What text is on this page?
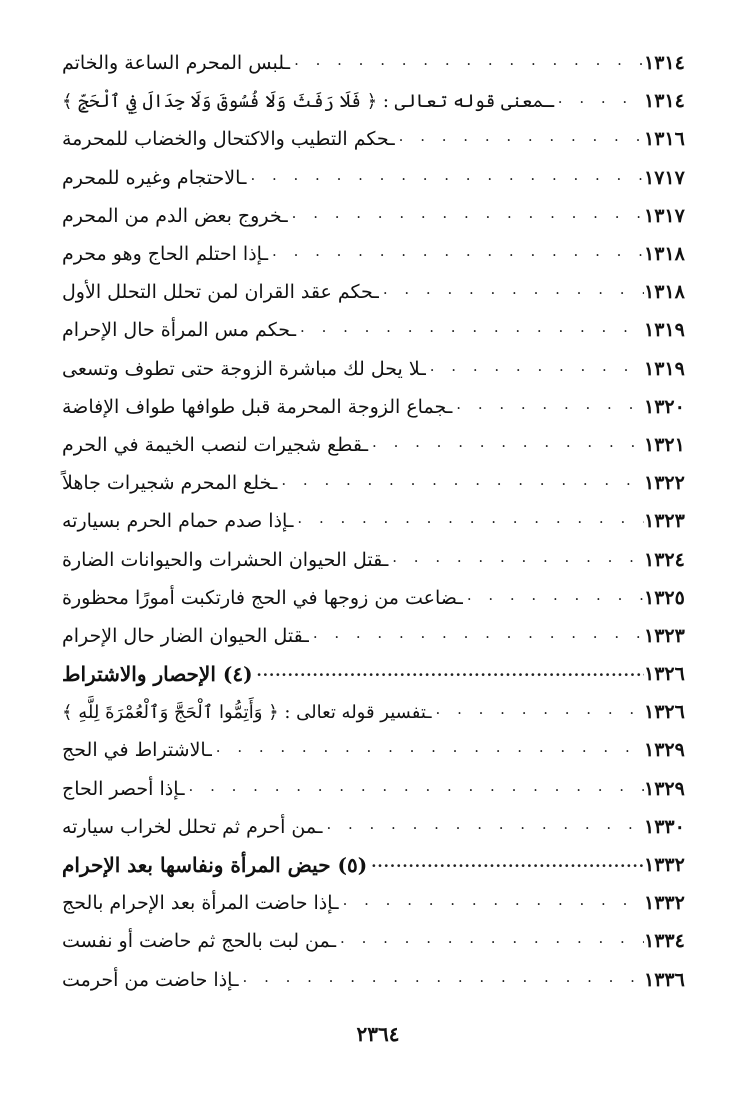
ـلبس المحرم الساعة والخاتم . . .	١٣١٤
ـمعنى قوله تعالى : ﴿ فَلَا رَفَثَ وَلَا فُسُوقَ وَلَا جِدَالَ فِي ٱلْحَجِّ ﴾ . . .	١٣١٤
ـحكم التطيب والاكتحال والخضاب للمحرمة . . .	١٣١٦
ـالاحتجام وغيره للمحرم . . .	١٧١٧
ـخروج بعض الدم من المحرم . . .	١٣١٧
ـإذا احتلم الحاج وهو محرم . . .	١٣١٨
ـحكم عقد القران لمن تحلل التحلل الأول . . .	١٣١٨
ـحكم مس المرأة حال الإحرام . . .	١٣١٩
ـلا يحل لك مباشرة الزوجة حتى تطوف وتسعى . . .	١٣١٩
ـجماع الزوجة المحرمة قبل طوافها طواف الإفاضة . . .	١٣٢٠
ـقطع شجيرات لنصب الخيمة في الحرم . . .	١٣٢١
ـخلع المحرم شجيرات جاهلاً . . .	١٣٢٢
ـإذا صدم حمام الحرم بسيارته . . .	١٣٢٣
ـقتل الحيوان الحشرات والحيوانات الضارة . . .	١٣٢٤
ـضاعت من زوجها في الحج فارتكبت أمورًا محظورة . . .	١٣٢٥
ـقتل الحيوان الضار حال الإحرام . . .	١٣٢٣
(٤) الإحصار والاشتراط .....	١٣٢٦
ـتفسير قوله تعالى : ﴿ وَأَتِمُّوا ٱلْحَجَّ وَٱلْعُمْرَةَ لِلَّهِ ﴾ . . .	١٣٢٦
ـالاشتراط في الحج . . .	١٣٢٩
ـإذا أحصر الحاج . . .	١٣٢٩
ـمن أحرم ثم تحلل لخراب سيارته . . .	١٣٣٠
(٥) حيض المرأة ونفاسها بعد الإحرام .....	١٣٣٢
ـإذا حاضت المرأة بعد الإحرام بالحج . . .	١٣٣٢
ـمن لبت بالحج ثم حاضت أو نفست . . .	١٣٣٤
ـإذا حاضت من أحرمت . . .	١٣٣٦
٢٣٦٤
